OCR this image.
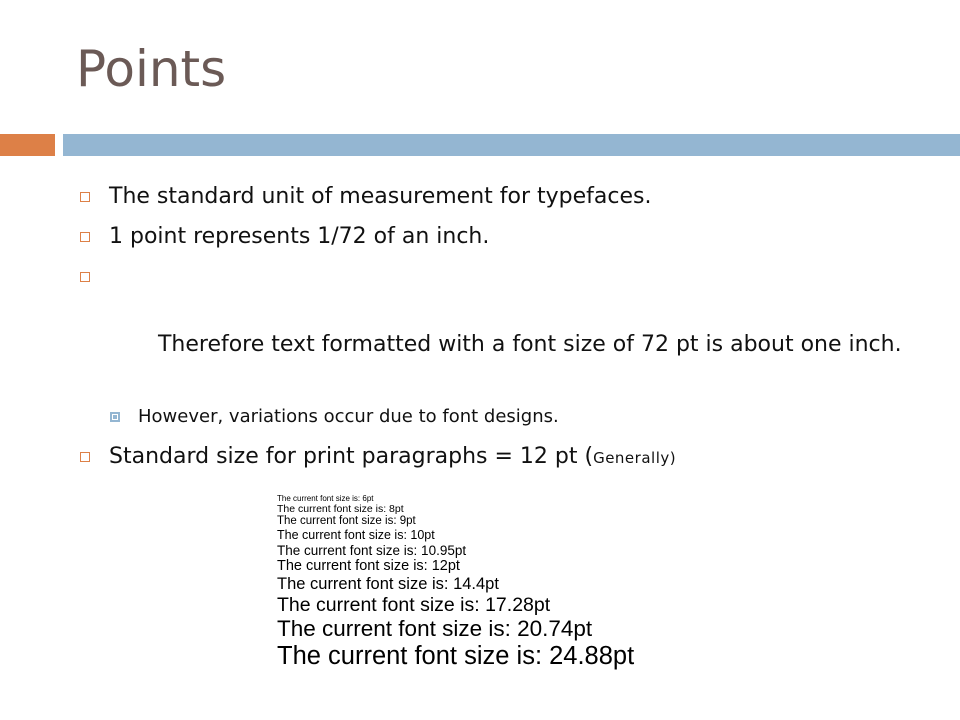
Points
The standard unit of measurement for typefaces.
1 point represents 1/72 of an inch.

Therefore text formatted with a font size of 72 pt is about one inch.

However, variations occur due to font designs.
Standard size for print paragraphs = 12 pt (Generally)
The current font size is: 6pt
The current font size is: 8pt
The current font size is: 9pt
The current font size is: 10pt
The current font size is: 10.95pt
The current font size is: 12pt
The current font size is: 14.4pt
The current font size is: 17.28pt
The current font size is: 20.74pt
The current font size is: 24.88pt
